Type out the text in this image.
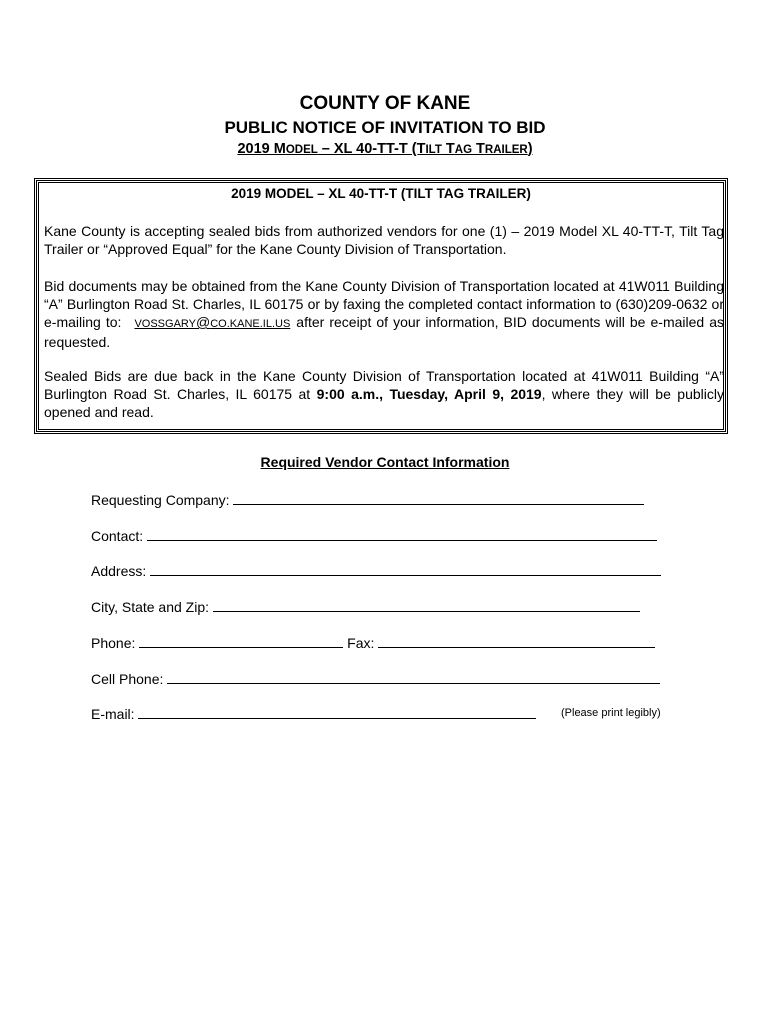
COUNTY OF KANE
PUBLIC NOTICE OF INVITATION TO BID
2019 MODEL – XL 40-TT-T (TILT TAG TRAILER)
2019 MODEL – XL 40-TT-T (TILT TAG TRAILER)
Kane County is accepting sealed bids from authorized vendors for one (1) – 2019 Model XL 40-TT-T, Tilt Tag Trailer or “Approved Equal” for the Kane County Division of Transportation.
Bid documents may be obtained from the Kane County Division of Transportation located at 41W011 Building “A” Burlington Road St. Charles, IL 60175 or by faxing the completed contact information to (630)209-0632 or e-mailing to: VOSSGARY@CO.KANE.IL.US after receipt of your information, BID documents will be e-mailed as requested.
Sealed Bids are due back in the Kane County Division of Transportation located at 41W011 Building “A” Burlington Road St. Charles, IL 60175 at 9:00 a.m., Tuesday, April 9, 2019, where they will be publicly opened and read.
Required Vendor Contact Information
Requesting Company:
Contact:
Address:
City, State and Zip:
Phone:	Fax:
Cell Phone:
E-mail:	(Please print legibly)
